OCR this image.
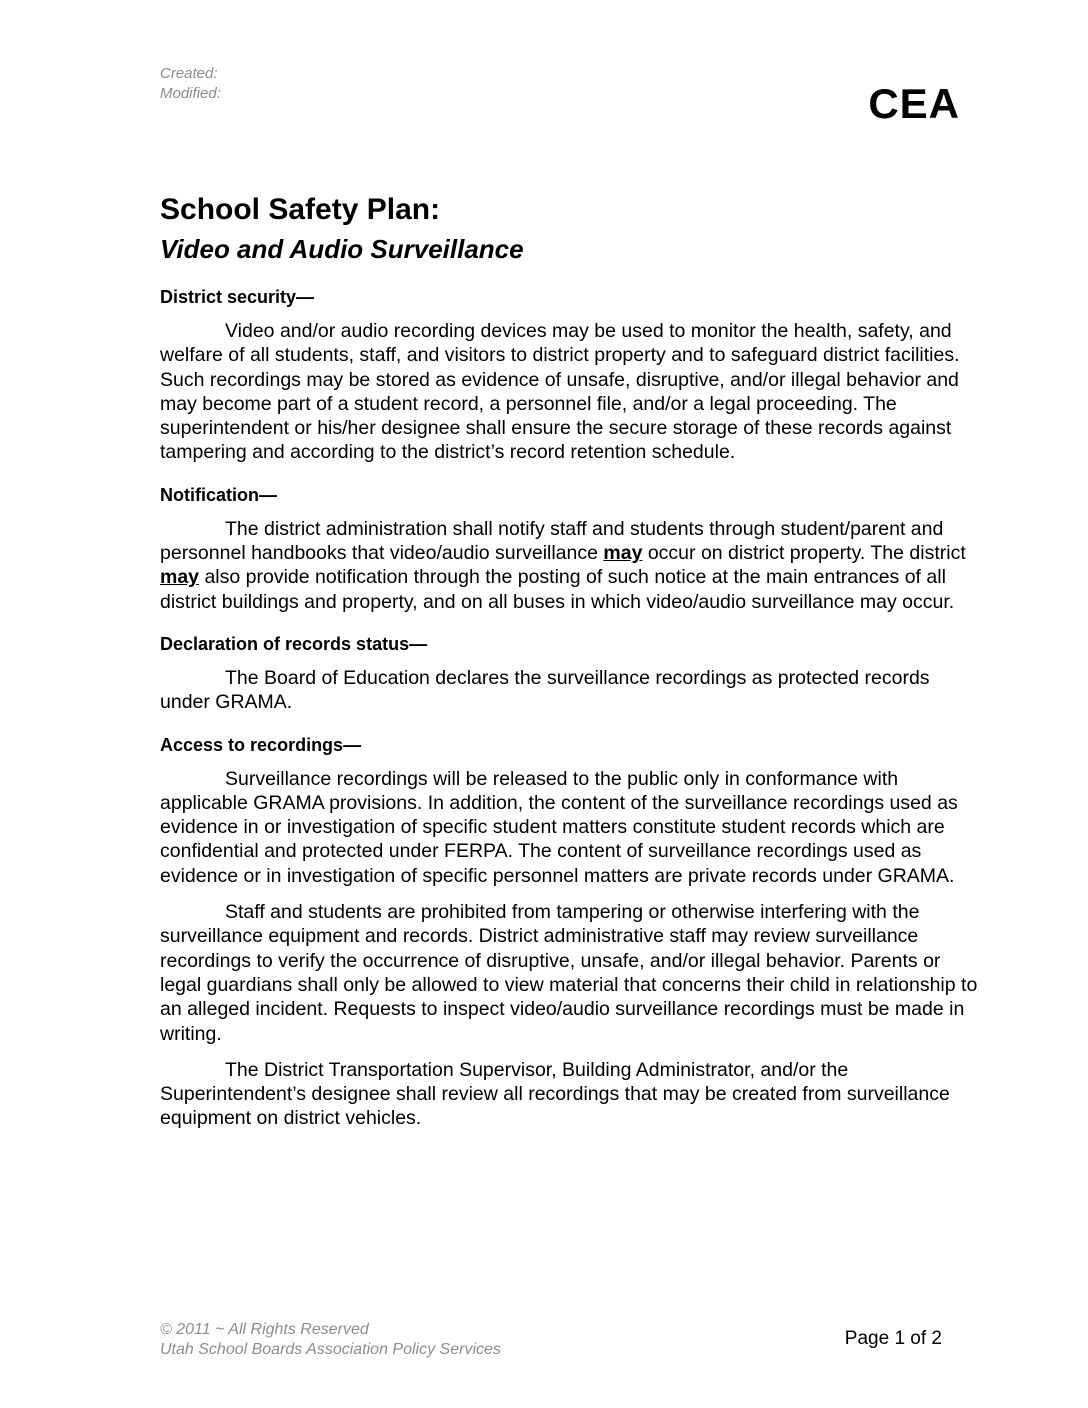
Created:
Modified:	CEA
School Safety Plan:
Video and Audio Surveillance
District security—

Video and/or audio recording devices may be used to monitor the health, safety, and welfare of all students, staff, and visitors to district property and to safeguard district facilities. Such recordings may be stored as evidence of unsafe, disruptive, and/or illegal behavior and may become part of a student record, a personnel file, and/or a legal proceeding. The superintendent or his/her designee shall ensure the secure storage of these records against tampering and according to the district’s record retention schedule.

Notification—

The district administration shall notify staff and students through student/parent and personnel handbooks that video/audio surveillance may occur on district property. The district may also provide notification through the posting of such notice at the main entrances of all district buildings and property, and on all buses in which video/audio surveillance may occur.

Declaration of records status—

The Board of Education declares the surveillance recordings as protected records under GRAMA.

Access to recordings—

Surveillance recordings will be released to the public only in conformance with applicable GRAMA provisions. In addition, the content of the surveillance recordings used as evidence in or investigation of specific student matters constitute student records which are confidential and protected under FERPA. The content of surveillance recordings used as evidence or in investigation of specific personnel matters are private records under GRAMA.

Staff and students are prohibited from tampering or otherwise interfering with the surveillance equipment and records. District administrative staff may review surveillance recordings to verify the occurrence of disruptive, unsafe, and/or illegal behavior. Parents or legal guardians shall only be allowed to view material that concerns their child in relationship to an alleged incident. Requests to inspect video/audio surveillance recordings must be made in writing.

The District Transportation Supervisor, Building Administrator, and/or the Superintendent’s designee shall review all recordings that may be created from surveillance equipment on district vehicles.

© 2011 ~ All Rights Reserved
Utah School Boards Association Policy Services
Page 1 of 2
